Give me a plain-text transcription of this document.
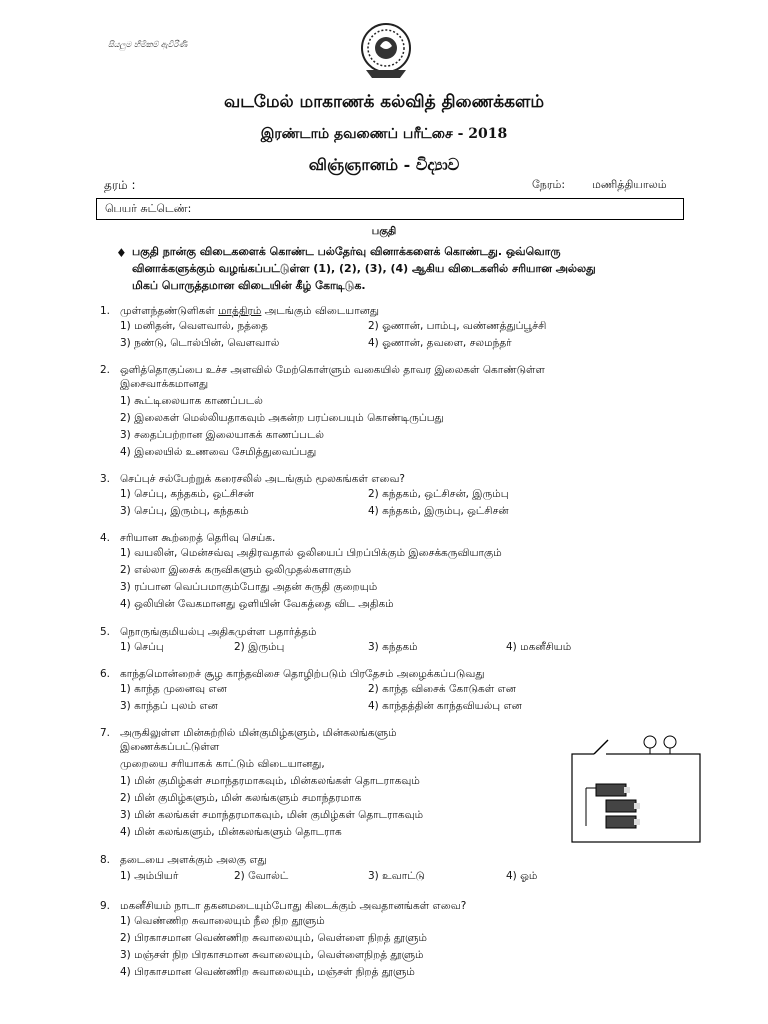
සියලුම හිමිකම් ඇවිරිණි
வடமேல் மாகாணக் கல்வித் திணைக்களம்
இரண்டாம் தவணைப் பரீட்சை - 2018
விஞ்ஞானம் - විද්‍යාව
தரம் :	நேரம்: மணித்தியாலம்
பெயர் சுட்டெண்:
பகுதி
♦ பகுதி நான்கு விடைகளைக் கொண்ட பல்தேர்வு வினாக்களைக் கொண்டது. ஒவ்வொரு
வினாக்களுக்கும் வழங்கப்பட்டுள்ள (1), (2), (3), (4) ஆகிய விடைகளில் சரியான அல்லது
மிகப் பொருத்தமான விடையின் கீழ் கோடிடுக.
1. முள்ளந்தண்டுளிகள் மாத்திரம் அடங்கும் விடையானது
1) மனிதன், வௌவால், நத்தை	2) ஓணான், பாம்பு, வண்ணத்துப்பூச்சி
3) நண்டு, டொல்பின், வௌவால்	4) ஓணான், தவளை, சலமந்தர்
2. ஒளித்தொகுப்பை உச்ச அளவில் மேற்கொள்ளும் வகையில் தாவர இலைகள் கொண்டுள்ள
இசைவாக்கமானது
1) கூட்டிலையாக காணப்படல்
2) இலைகள் மெல்லியதாகவும் அகன்ற பரப்பையும் கொண்டிருப்பது
3) சதைப்பற்றான இலையாகக் காணப்படல்
4) இலையில் உணவை சேமித்துவைப்பது
3. செப்புச் சல்பேற்றுக் கரைசலில் அடங்கும் மூலகங்கள் எவை?
1) செப்பு, கந்தகம், ஒட்சிசன்	2) கந்தகம், ஒட்சிசன், இரும்பு
3) செப்பு, இரும்பு, கந்தகம்	4) கந்தகம், இரும்பு, ஒட்சிசன்
4. சரியான கூற்றைத் தெரிவு செய்க.
1) வயலின், மென்சவ்வு அதிரவதால் ஒலியைப் பிறப்பிக்கும் இசைக்கருவியாகும்
2) எல்லா இசைக் கருவிகளும் ஒலிமுதல்களாகும்
3) ரப்பான வெப்பமாகும்போது அதன் சுருதி குறையும்
4) ஒலியின் வேகமானது ஒளியின் வேகத்தை விட அதிகம்
5. நொருங்குமியல்பு அதிகமுள்ள பதார்த்தம்
1) செப்பு	2) இரும்பு	3) கந்தகம்	4) மகனீசியம்
6. காந்தமொன்றைச் சூழ காந்தவிசை தொழிற்படும் பிரதேசம் அழைக்கப்படுவது
1) காந்த முனைவு என	2) காந்த விசைக் கோடுகள் என
3) காந்தப் புலம் என	4) காந்தத்தின் காந்தவியல்பு என
7. அருகிலுள்ள மின்சுற்றில் மின்குமிழ்களும், மின்கலங்களும்
இணைக்கப்பட்டுள்ள
முறையை சரியாகக் காட்டும் விடையானது,
1) மின் குமிழ்கள் சமாந்தரமாகவும், மின்கலங்கள் தொடராகவும்
2) மின் குமிழ்களும், மின் கலங்களும் சமாந்தரமாக
3) மின் கலங்கள் சமாந்தரமாகவும், மின் குமிழ்கள் தொடராகவும்
4) மின் கலங்களும், மின்கலங்களும் தொடராக
8. தடையை அளக்கும் அலகு எது
1) அம்பியர்	2) வோல்ட்	3) உவாட்டு	4) ஓம்
9. மகனீசியம் நாடா தகனமடையும்போது கிடைக்கும் அவதானங்கள் எவை?
1) வெண்ணிற சுவாலையும் நீல நிற தூளும்
2) பிரகாசமான வெண்ணிற சுவாலையும், வெள்ளை நிறத் தூளும்
3) மஞ்சள் நிற பிரகாசமான சுவாலையும், வெள்ளைநிறத் தூளும்
4) பிரகாசமான வெண்ணிற சுவாலையும், மஞ்சள் நிறத் தூளும்
